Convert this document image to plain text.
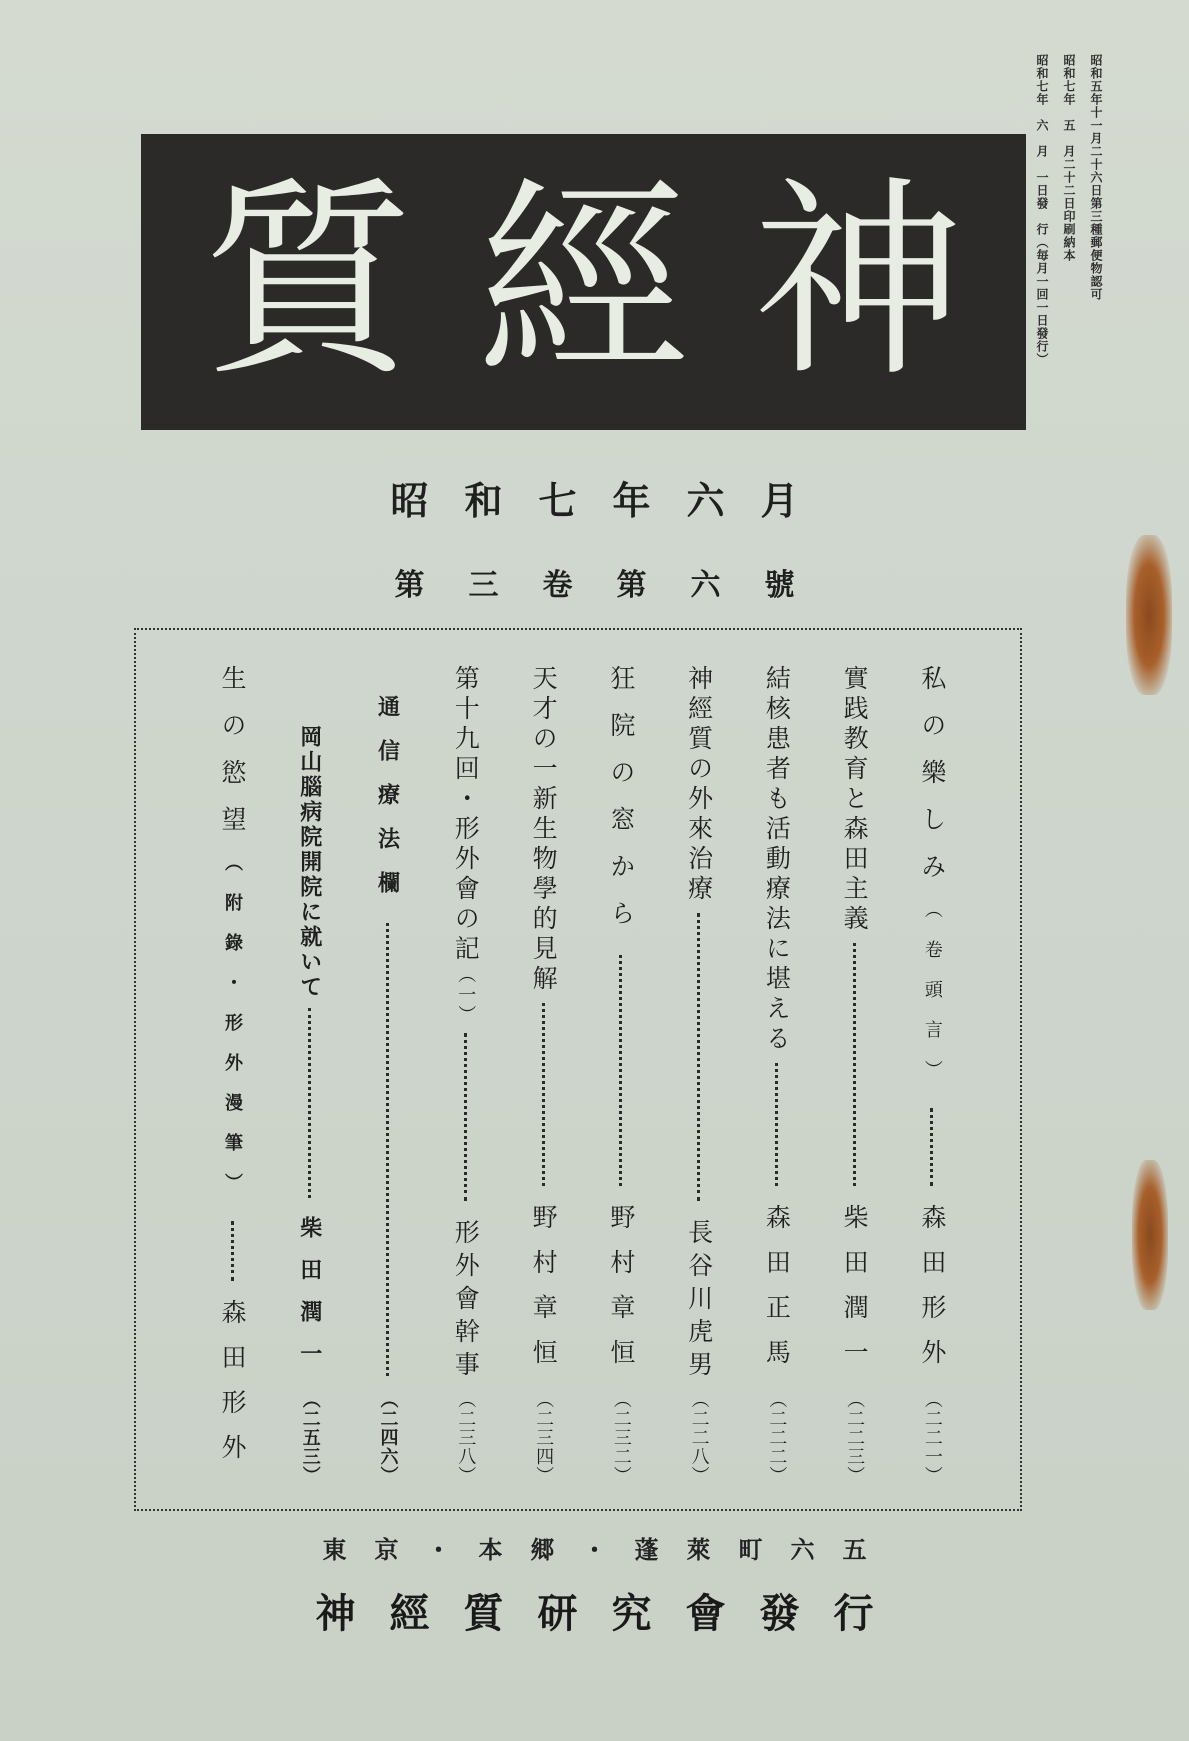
昭和五年十一月二十六日第三種郵便物認可
昭和七年　五　月二十二日印刷納本
昭和七年　六　月　一日發　行（毎月一回一日發行）
神
經
質
昭和七年六月
第三卷第六號
私の樂しみ
（卷頭言）
森田形外
（二二一）
實践教育と森田主義
柴田潤一
（二二三）
結核患者も活動療法に堪える
森田正馬
（二二二）
神經質の外來治療
長谷川虎男
（二二八）
狂院の窓から
野村章恒
（二三二）
天才の一新生物學的見解
野村章恒
（二三四）
第十九回・形外會の記
（一）
形外會幹事
（二三八）
通信療法欄
（二四六）
岡山腦病院開院に就いて
柴田潤一
（二五三）
生の慾望
（附錄・形外漫筆）
森田形外
東京・本郷・蓬萊町六五
神經質研究會發行
